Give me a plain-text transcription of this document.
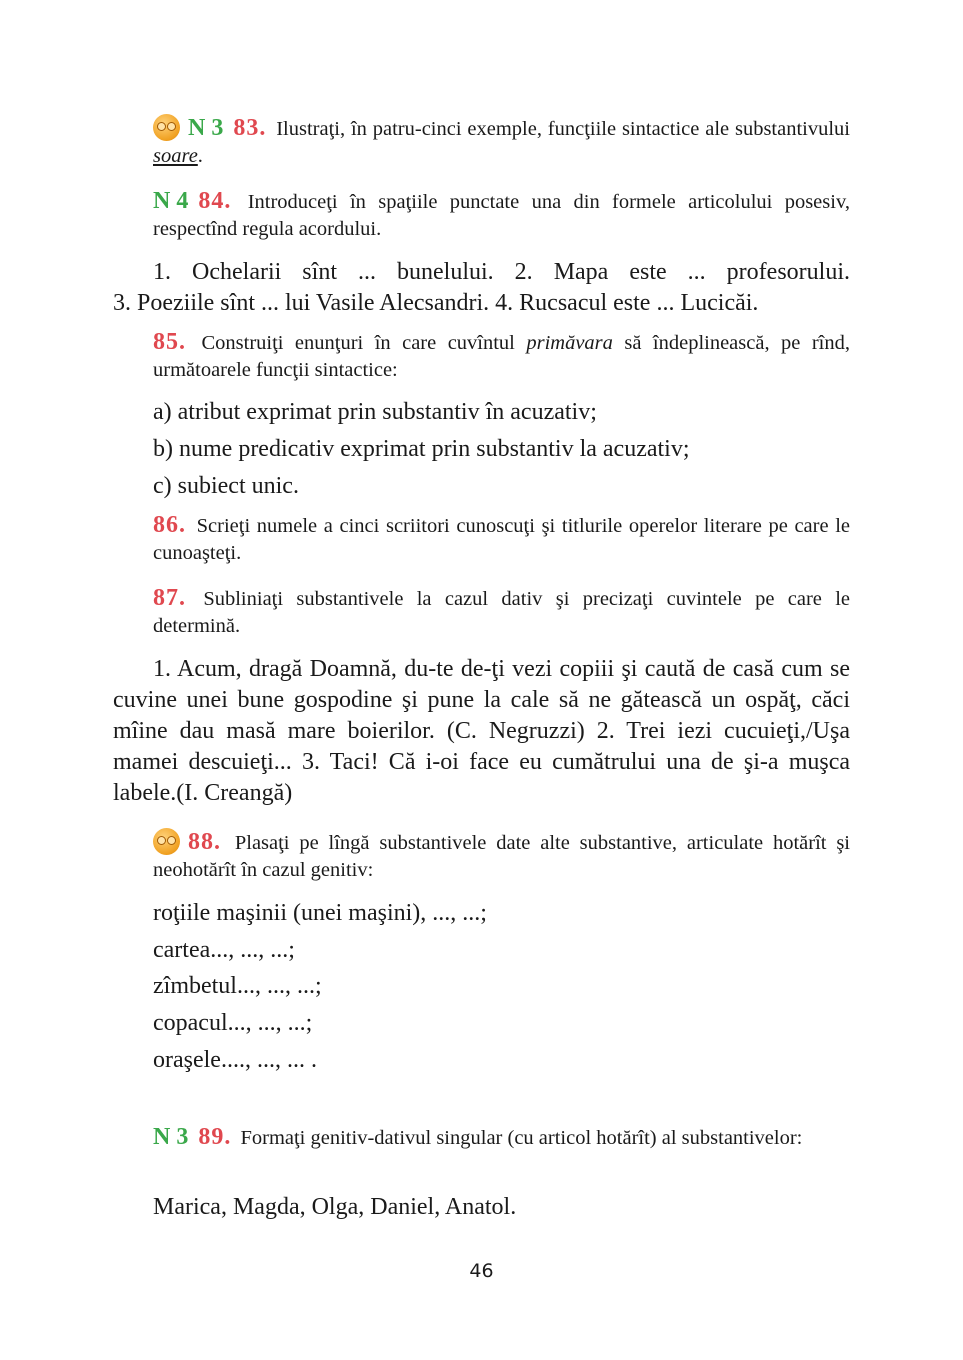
N 3 83. Ilustraţi, în patru-cinci exemple, funcţiile sintactice ale substantivului soare.
N 4 84. Introduceţi în spaţiile punctate una din formele articolului posesiv, respectînd regula acordului.
1. Ochelarii sînt ... bunelului. 2. Mapa este ... profesorului.
3. Poeziile sînt ... lui Vasile Alecsandri. 4. Rucsacul este ... Lucicăi.
85. Construiţi enunţuri în care cuvîntul primăvara să îndeplinească, pe rînd, următoarele funcţii sintactice:
a) atribut exprimat prin substantiv în acuzativ;
b) nume predicativ exprimat prin substantiv la acuzativ;
c) subiect unic.
86. Scrieţi numele a cinci scriitori cunoscuţi şi titlurile operelor literare pe care le cunoaşteţi.
87. Subliniaţi substantivele la cazul dativ şi precizaţi cuvintele pe care le determină.
1. Acum, dragă Doamnă, du-te de-ţi vezi copiii şi caută de casă cum se cuvine unei bune gospodine şi pune la cale să ne gătească un ospăţ, căci mîine dau masă mare boierilor. (C. Negruzzi) 2. Trei iezi cucuieţi,/Uşa mamei descuieţi... 3. Taci! Că i-oi face eu cumătrului una de şi-a muşca labele.(I. Creangă)
88. Plasaţi pe lîngă substantivele date alte substantive, articulate hotărît şi neohotărît în cazul genitiv:
roţiile maşinii (unei maşini), ..., ...;
cartea..., ..., ...;
zîmbetul..., ..., ...;
copacul..., ..., ...;
oraşele...., ..., ... .
N 3 89. Formaţi genitiv-dativul singular (cu articol hotărît) al substantivelor:
Marica, Magda, Olga, Daniel, Anatol.
46
